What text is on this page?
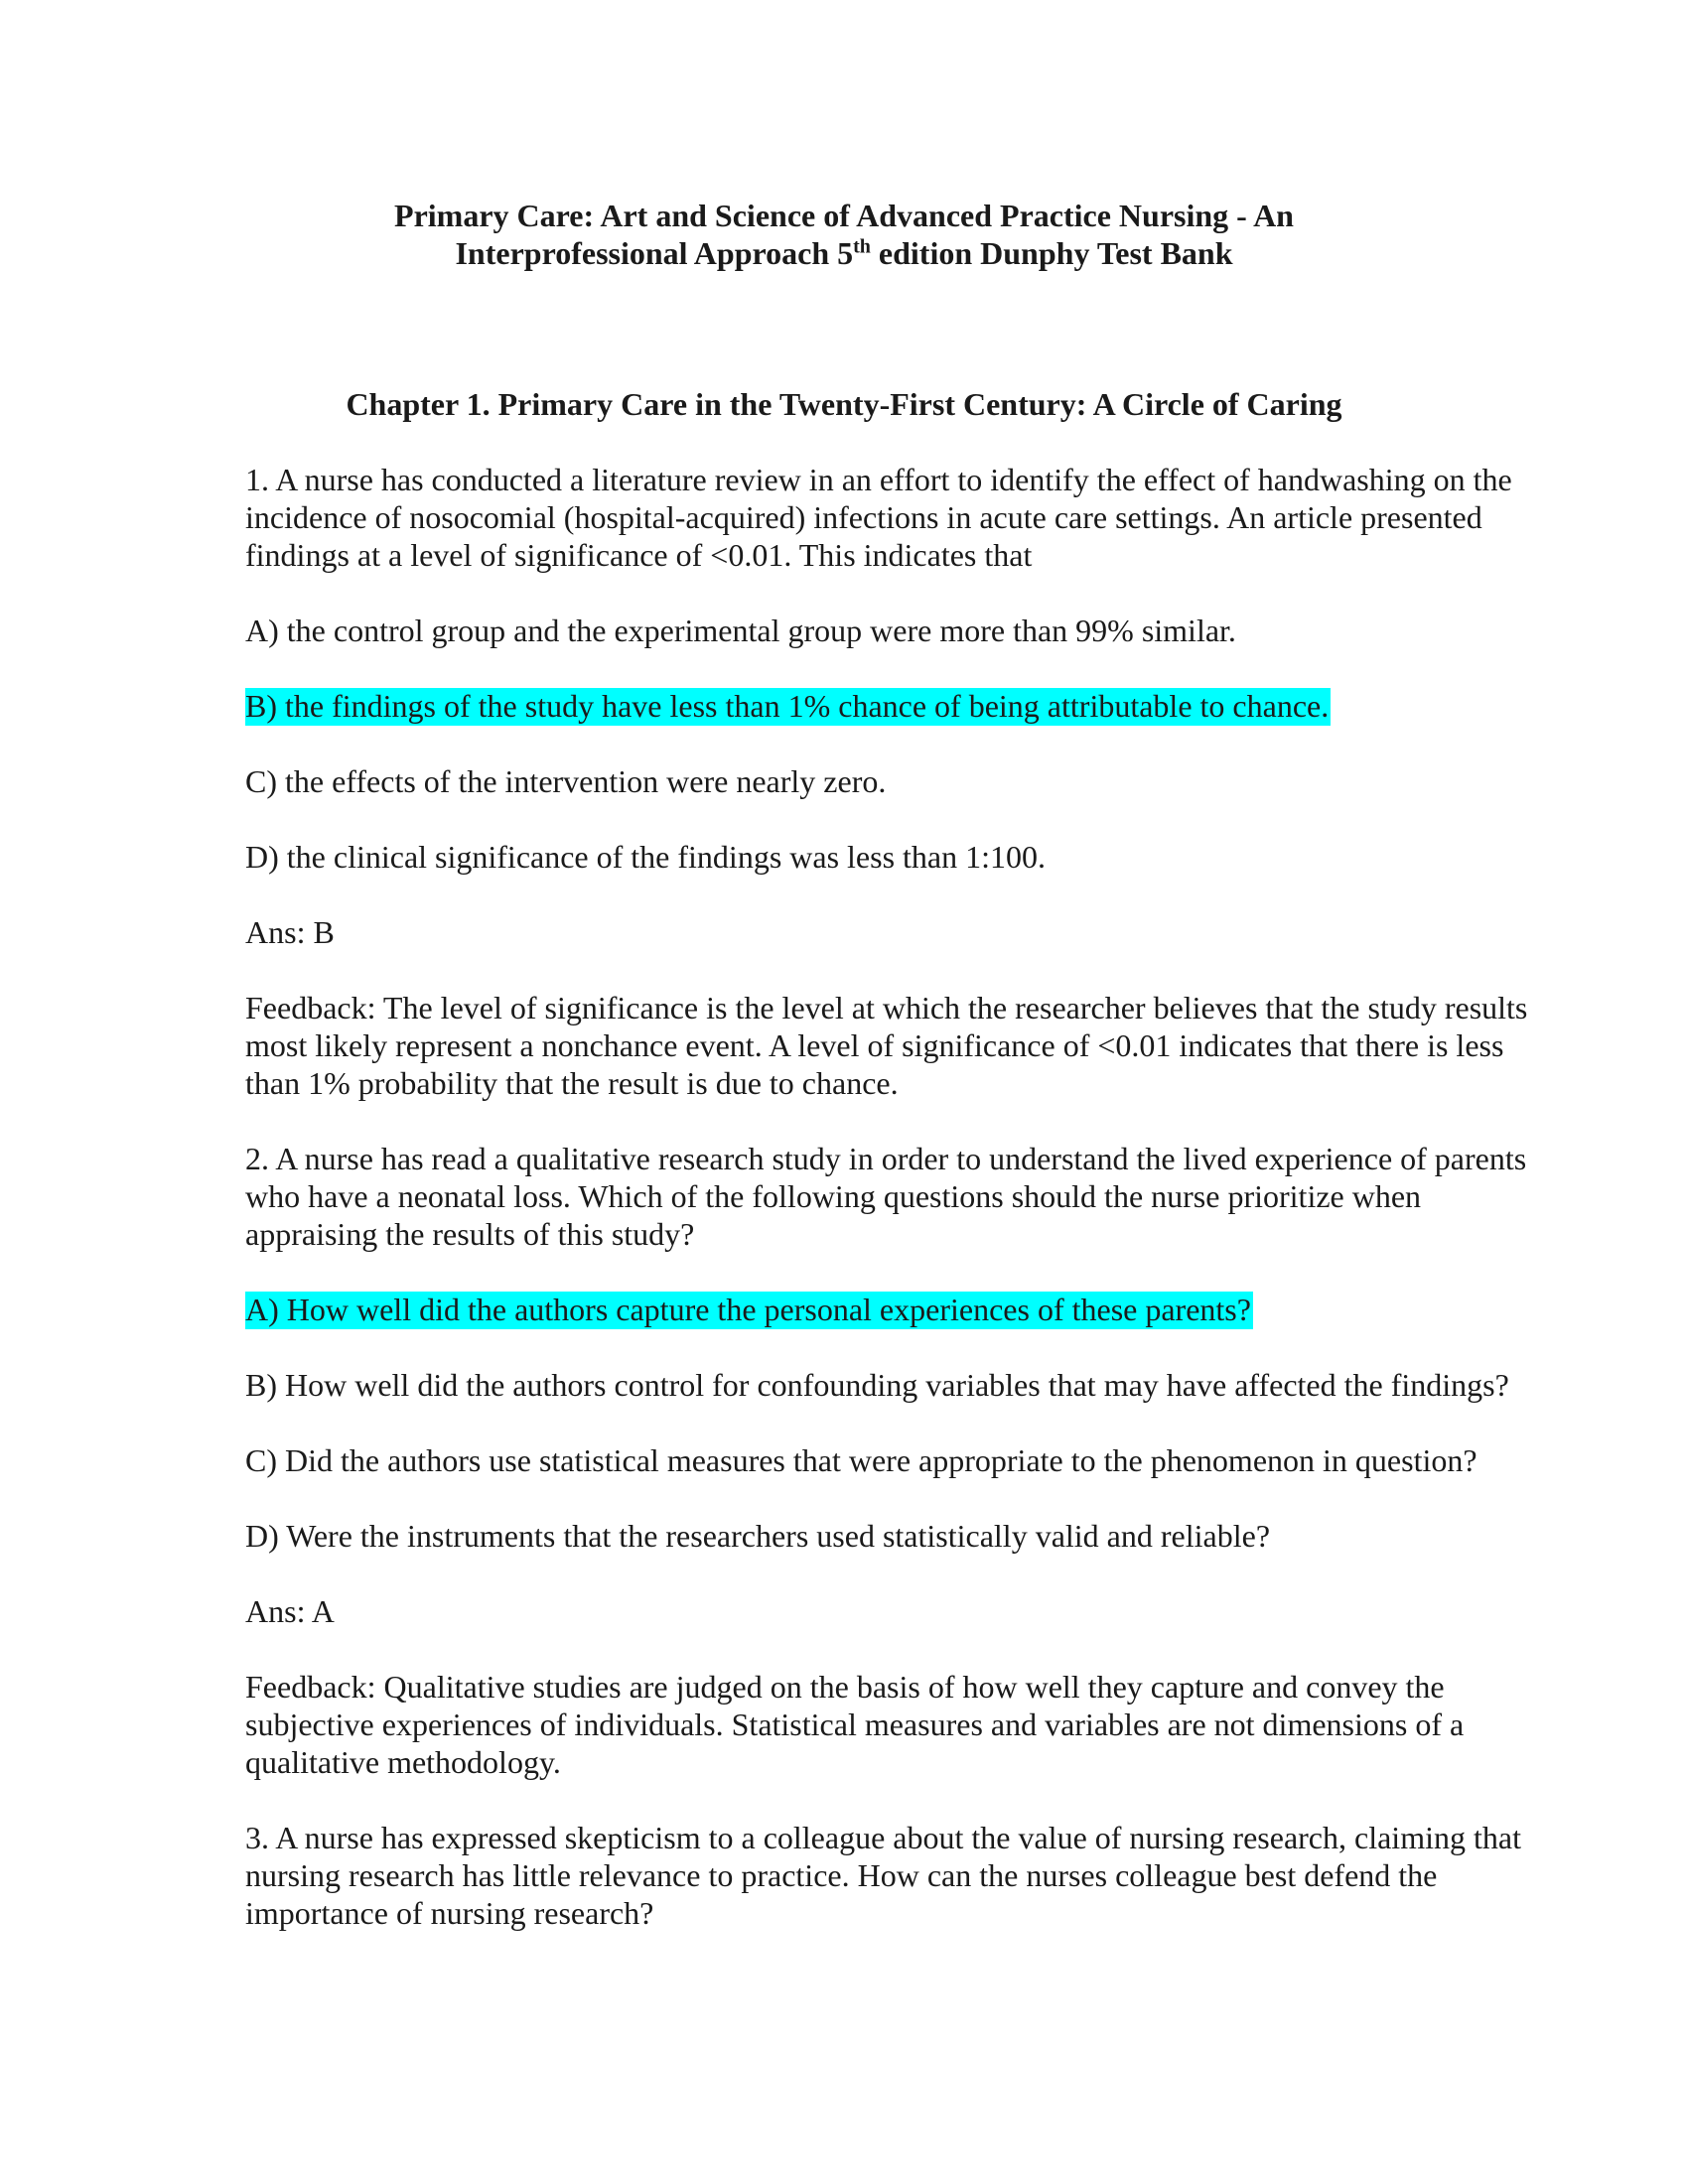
Primary Care: Art and Science of Advanced Practice Nursing - An
Interprofessional Approach 5th edition Dunphy Test Bank
Chapter 1. Primary Care in the Twenty-First Century: A Circle of Caring
1. A nurse has conducted a literature review in an effort to identify the effect of handwashing on the
incidence of nosocomial (hospital-acquired) infections in acute care settings. An article presented
findings at a level of significance of <0.01. This indicates that
A) the control group and the experimental group were more than 99% similar.
B) the findings of the study have less than 1% chance of being attributable to chance.
C) the effects of the intervention were nearly zero.
D) the clinical significance of the findings was less than 1:100.
Ans: B
Feedback: The level of significance is the level at which the researcher believes that the study results
most likely represent a nonchance event. A level of significance of <0.01 indicates that there is less
than 1% probability that the result is due to chance.
2. A nurse has read a qualitative research study in order to understand the lived experience of parents
who have a neonatal loss. Which of the following questions should the nurse prioritize when
appraising the results of this study?
A) How well did the authors capture the personal experiences of these parents?
B) How well did the authors control for confounding variables that may have affected the findings?
C) Did the authors use statistical measures that were appropriate to the phenomenon in question?
D) Were the instruments that the researchers used statistically valid and reliable?
Ans: A
Feedback: Qualitative studies are judged on the basis of how well they capture and convey the
subjective experiences of individuals. Statistical measures and variables are not dimensions of a
qualitative methodology.
3. A nurse has expressed skepticism to a colleague about the value of nursing research, claiming that
nursing research has little relevance to practice. How can the nurses colleague best defend the
importance of nursing research?
